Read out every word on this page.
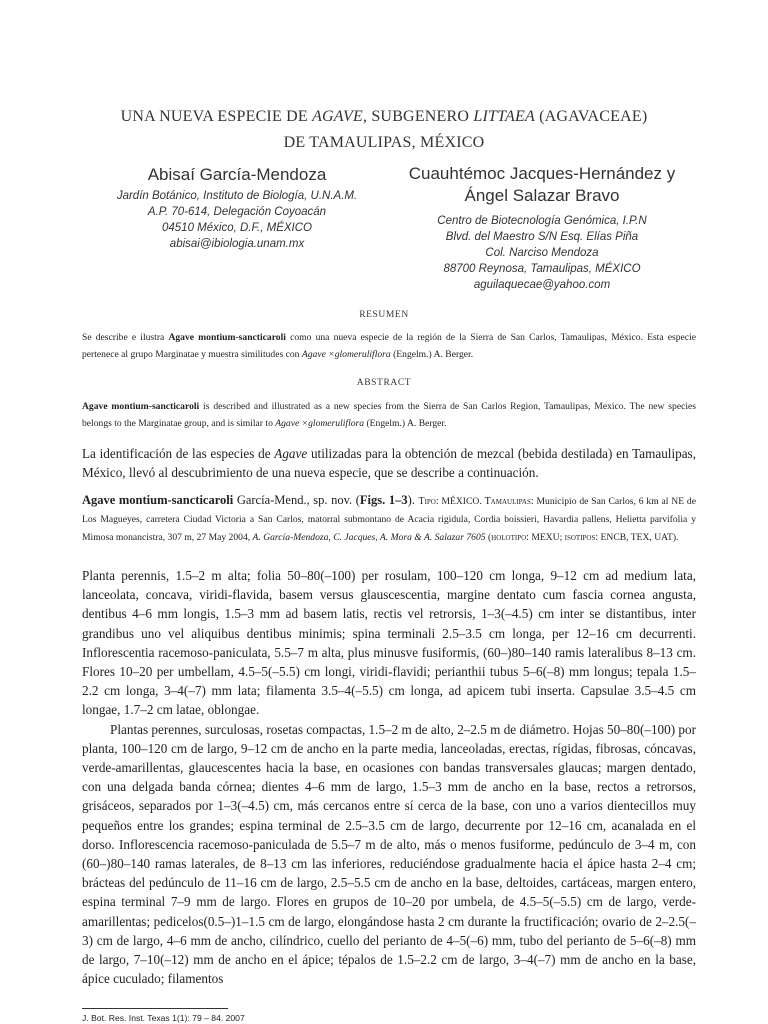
UNA NUEVA ESPECIE DE AGAVE, SUBGENERO LITTAEA (AGAVACEAE)
DE TAMAULIPAS, MÉXICO
Abisaí García-Mendoza
Jardín Botánico, Instituto de Biología, U.N.A.M.
A.P. 70-614, Delegación Coyoacán
04510 México, D.F., MÉXICO
abisai@ibiologia.unam.mx
Cuauhtémoc Jacques-Hernández y
Ángel Salazar Bravo
Centro de Biotecnología Genómica, I.P.N
Blvd. del Maestro S/N Esq. Elías Piña
Col. Narciso Mendoza
88700 Reynosa, Tamaulipas, MÉXICO
aguilaquecae@yahoo.com
RESUMEN
Se describe e ilustra Agave montium-sancticaroli como una nueva especie de la región de la Sierra de San Carlos, Tamaulipas, México. Esta especie pertenece al grupo Marginatae y muestra similitudes con Agave ×glomeruliflora (Engelm.) A. Berger.
ABSTRACT
Agave montium-sancticaroli is described and illustrated as a new species from the Sierra de San Carlos Region, Tamaulipas, Mexico. The new species belongs to the Marginatae group, and is similar to Agave ×glomeruliflora (Engelm.) A. Berger.
La identificación de las especies de Agave utilizadas para la obtención de mezcal (bebida destilada) en Tamaulipas, México, llevó al descubrimiento de una nueva especie, que se describe a continuación.
Agave montium-sancticaroli García-Mend., sp. nov. (Figs. 1–3). Tipo: MÉXICO. Tamaulipas: Municipio de San Carlos, 6 km al NE de Los Magueyes, carretera Ciudad Victoria a San Carlos, matorral submontano de Acacia rigidula, Cordia boissieri, Havardia pallens, Helietta parvifolia y Mimosa monancistra, 307 m, 27 May 2004, A. García-Mendoza, C. Jacques, A. Mora & A. Salazar 7605 (holotipo: MEXU; isotipos: ENCB, TEX, UAT).

Planta perennis, 1.5–2 m alta; folia 50–80(–100) per rosulam, 100–120 cm longa, 9–12 cm ad medium lata, lanceolata, concava, viridi-flavida, basem versus glauscescentia, margine dentato cum fascia cornea angusta, dentibus 4–6 mm longis, 1.5–3 mm ad basem latis, rectis vel retrorsis, 1–3(–4.5) cm inter se distantibus, inter grandibus uno vel aliquibus dentibus minimis; spina terminali 2.5–3.5 cm longa, per 12–16 cm decurrenti. Inflorescentia racemoso-paniculata, 5.5–7 m alta, plus minusve fusiformis, (60–)80–140 ramis lateralibus 8–13 cm. Flores 10–20 per umbellam, 4.5–5(–5.5) cm longi, viridi-flavidi; perianthii tubus 5–6(–8) mm longus; tepala 1.5–2.2 cm longa, 3–4(–7) mm lata; filamenta 3.5–4(–5.5) cm longa, ad apicem tubi inserta. Capsulae 3.5–4.5 cm longae, 1.7–2 cm latae, oblongae.

Plantas perennes, surculosas, rosetas compactas, 1.5–2 m de alto, 2–2.5 m de diámetro. Hojas 50–80(–100) por planta, 100–120 cm de largo, 9–12 cm de ancho en la parte media, lanceoladas, erectas, rígidas, fibrosas, cóncavas, verde-amarillentas, glaucescentes hacia la base, en ocasiones con bandas transversales glaucas; margen dentado, con una delgada banda córnea; dientes 4–6 mm de largo, 1.5–3 mm de ancho en la base, rectos a retrorsos, grisáceos, separados por 1–3(–4.5) cm, más cercanos entre sí cerca de la base, con uno a varios dientecillos muy pequeños entre los grandes; espina terminal de 2.5–3.5 cm de largo, decurrente por 12–16 cm, acanalada en el dorso. Inflorescencia racemoso-paniculada de 5.5–7 m de alto, más o menos fusiforme, pedúnculo de 3–4 m, con (60–)80–140 ramas laterales, de 8–13 cm las inferiores, reduciéndose gradualmente hacia el ápice hasta 2–4 cm; brácteas del pedúnculo de 11–16 cm de largo, 2.5–5.5 cm de ancho en la base, deltoides, cartáceas, margen entero, espina terminal 7–9 mm de largo. Flores en grupos de 10–20 por umbela, de 4.5–5(–5.5) cm de largo, verde-amarillentas; pedicelos(0.5–)1–1.5 cm de largo, elongándose hasta 2 cm durante la fructificación; ovario de 2–2.5(–3) cm de largo, 4–6 mm de ancho, cilíndrico, cuello del perianto de 4–5(–6) mm, tubo del perianto de 5–6(–8) mm de largo, 7–10(–12) mm de ancho en el ápice; tépalos de 1.5–2.2 cm de largo, 3–4(–7) mm de ancho en la base, ápice cuculado; filamentos

J. Bot. Res. Inst. Texas 1(1): 79 – 84. 2007
